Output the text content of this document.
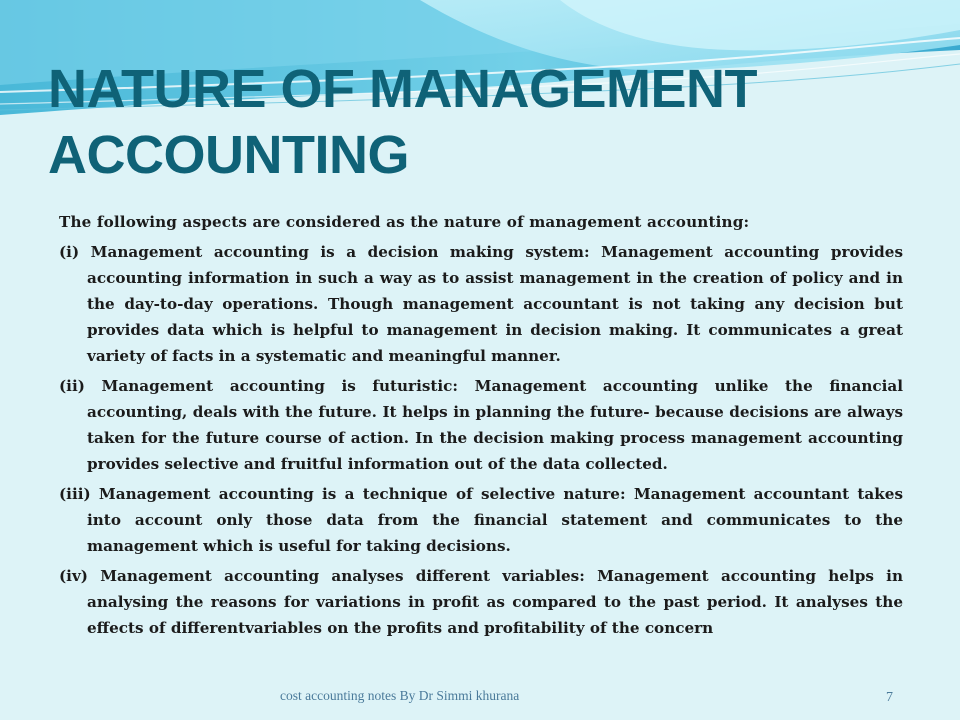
NATURE OF MANAGEMENT ACCOUNTING

The following aspects are considered as the nature of management accounting:

(i) Management accounting is a decision making system: Management accounting provides accounting information in such a way as to assist management in the creation of policy and in the day-to-day operations. Though management accountant is not taking any decision but provides data which is helpful to management in decision making. It communicates a great variety of facts in a systematic and meaningful manner.

(ii) Management accounting is futuristic: Management accounting unlike the financial accounting, deals with the future. It helps in planning the future- because decisions are always taken for the future course of action. In the decision making process management accounting provides selective and fruitful information out of the data collected.

(iii) Management accounting is a technique of selective nature: Management accountant takes into account only those data from the financial statement and communicates to the management which is useful for taking decisions.

(iv) Management accounting analyses different variables: Management accounting helps in analysing the reasons for variations in profit as compared to the past period. It analyses the effects of differentvariables on the profits and profitability of the concern

cost accounting notes By Dr Simmi khurana	7
